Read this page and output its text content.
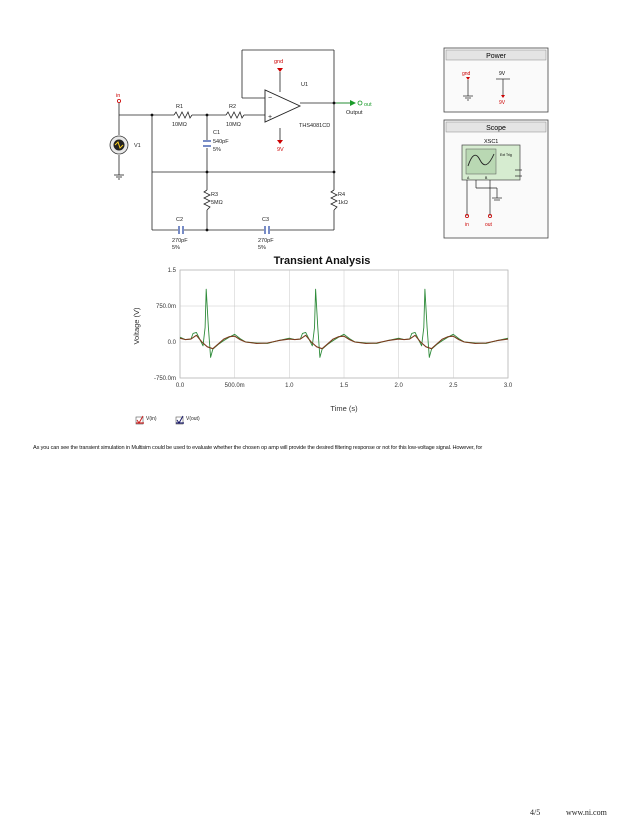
−
+
in
gnd
U1
out
Output
THS4081CD
9V
V1
R1
10MΩ
R2
10MΩ
C1
540pF
5%
R3
5MΩ
R4
1kΩ
C2
270pF
5%
C3
270pF
5%
Power
gnd	9V
9V
Scope
XSC1
Ext Trig
A	B
in	out
Transient Analysis
Time (s)
Voltage (V)
0.0	500.0m	1.0	1.5	2.0	2.5	3.0
1.5
750.0m
0.0
-750.0m
V(in)	V(out)

As you can see the transient simulation in Multisim could be used to evaluate whether the chosen op amp will provide the desired filtering response or not for this low-voltage signal. However, for

4/5	www.ni.com
